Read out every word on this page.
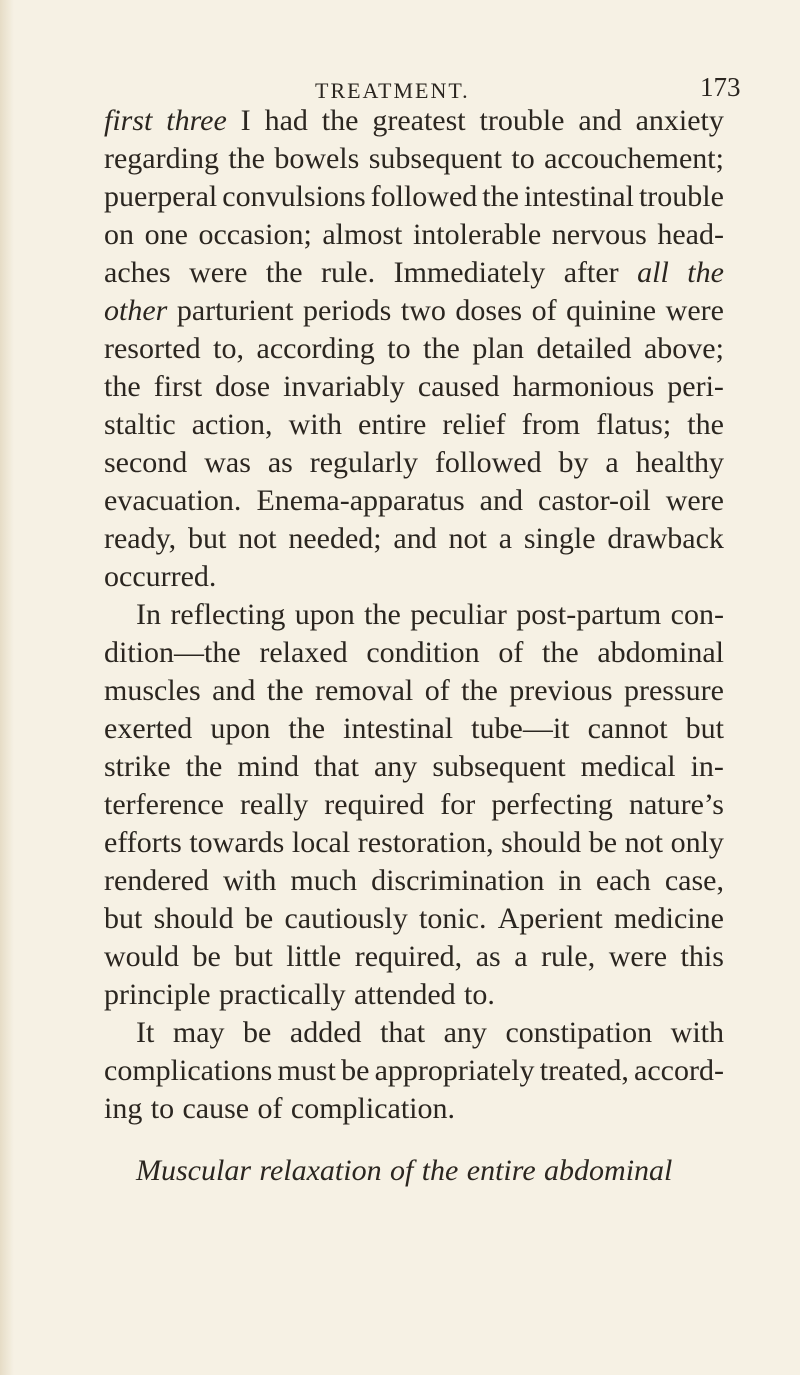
TREATMENT.	173
first three I had the greatest trouble and anxiety
regarding the bowels subsequent to accouchement;
puerperal convulsions followed the intestinal trouble
on one occasion; almost intolerable nervous head-
aches were the rule. Immediately after all the
other parturient periods two doses of quinine were
resorted to, according to the plan detailed above;
the first dose invariably caused harmonious peri-
staltic action, with entire relief from flatus; the
second was as regularly followed by a healthy
evacuation. Enema-apparatus and castor-oil were
ready, but not needed; and not a single drawback
occurred.
In reflecting upon the peculiar post-partum con-
dition—the relaxed condition of the abdominal
muscles and the removal of the previous pressure
exerted upon the intestinal tube—it cannot but
strike the mind that any subsequent medical in-
terference really required for perfecting nature’s
efforts towards local restoration, should be not only
rendered with much discrimination in each case,
but should be cautiously tonic. Aperient medicine
would be but little required, as a rule, were this
principle practically attended to.
It may be added that any constipation with
complications must be appropriately treated, accord-
ing to cause of complication.
Muscular relaxation of the entire abdominal
